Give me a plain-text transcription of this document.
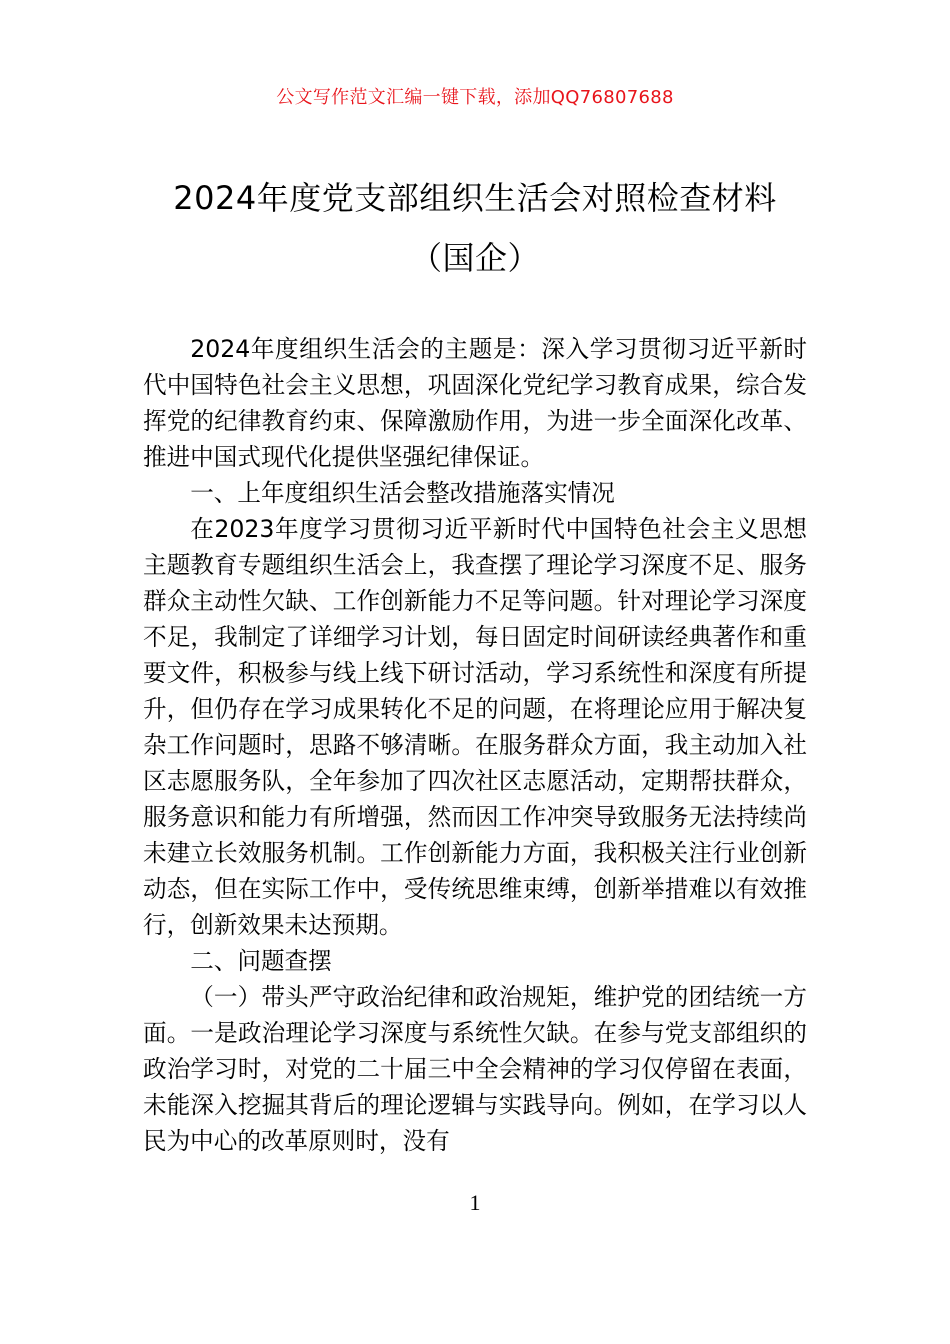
公文写作范文汇编一键下载，添加QQ76807688
2024年度党支部组织生活会对照检查材料
（国企）

2024年度组织生活会的主题是：深入学习贯彻习近平新时代中国特色社会主义思想，巩固深化党纪学习教育成果，综合发挥党的纪律教育约束、保障激励作用，为进一步全面深化改革、推进中国式现代化提供坚强纪律保证。

一、上年度组织生活会整改措施落实情况

在2023年度学习贯彻习近平新时代中国特色社会主义思想主题教育专题组织生活会上，我查摆了理论学习深度不足、服务群众主动性欠缺、工作创新能力不足等问题。针对理论学习深度不足，我制定了详细学习计划，每日固定时间研读经典著作和重要文件，积极参与线上线下研讨活动，学习系统性和深度有所提升，但仍存在学习成果转化不足的问题，在将理论应用于解决复杂工作问题时，思路不够清晰。在服务群众方面，我主动加入社区志愿服务队，全年参加了四次社区志愿活动，定期帮扶群众，服务意识和能力有所增强，然而因工作冲突导致服务无法持续尚未建立长效服务机制。工作创新能力方面，我积极关注行业创新动态，但在实际工作中，受传统思维束缚，创新举措难以有效推行，创新效果未达预期。

二、问题查摆

（一）带头严守政治纪律和政治规矩，维护党的团结统一方面。一是政治理论学习深度与系统性欠缺。在参与党支部组织的政治学习时，对党的二十届三中全会精神的学习仅停留在表面，未能深入挖掘其背后的理论逻辑与实践导向。例如，在学习以人民为中心的改革原则时，没有

1
